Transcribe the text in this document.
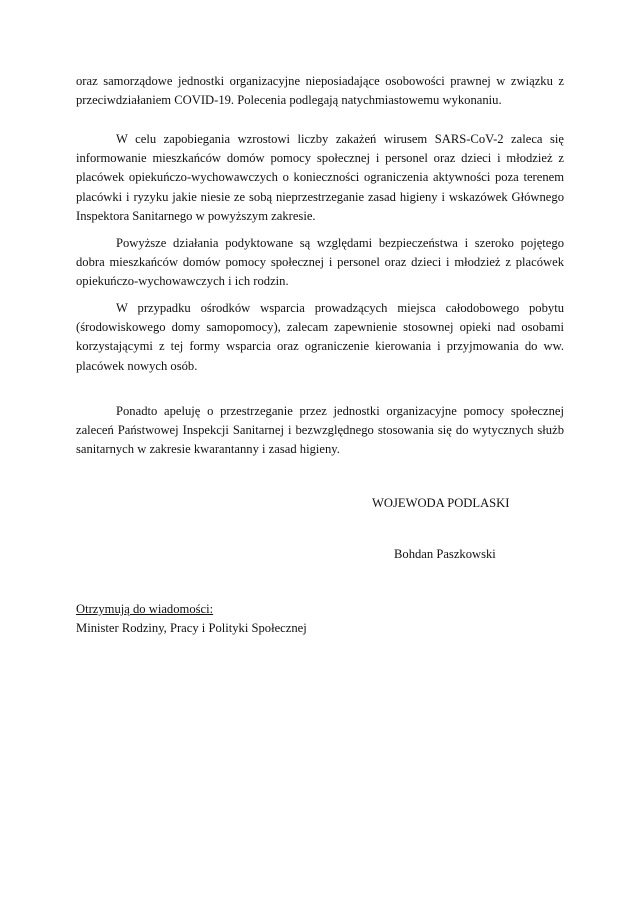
oraz samorządowe jednostki organizacyjne nieposiadające osobowości prawnej w związku z przeciwdziałaniem COVID-19. Polecenia podlegają natychmiastowemu wykonaniu.

W celu zapobiegania wzrostowi liczby zakażeń wirusem SARS-CoV-2 zaleca się informowanie mieszkańców domów pomocy społecznej i personel oraz dzieci i młodzież z placówek opiekuńczo-wychowawczych o konieczności ograniczenia aktywności poza terenem placówki i ryzyku jakie niesie ze sobą nieprzestrzeganie zasad higieny i wskazówek Głównego Inspektora Sanitarnego w powyższym zakresie.

Powyższe działania podyktowane są względami bezpieczeństwa i szeroko pojętego dobra mieszkańców domów pomocy społecznej i personel oraz dzieci i młodzież z placówek opiekuńczo-wychowawczych i ich rodzin.

W przypadku ośrodków wsparcia prowadzących miejsca całodobowego pobytu (środowiskowego domy samopomocy), zalecam zapewnienie stosownej opieki nad osobami korzystającymi z tej formy wsparcia oraz ograniczenie kierowania i przyjmowania do ww. placówek nowych osób.

Ponadto apeluję o przestrzeganie przez jednostki organizacyjne pomocy społecznej zaleceń Państwowej Inspekcji Sanitarnej i bezwzględnego stosowania się do wytycznych służb sanitarnych w zakresie kwarantanny i zasad higieny.

WOJEWODA PODLASKI

Bohdan Paszkowski

Otrzymują do wiadomości:

Minister Rodziny, Pracy i Polityki Społecznej
